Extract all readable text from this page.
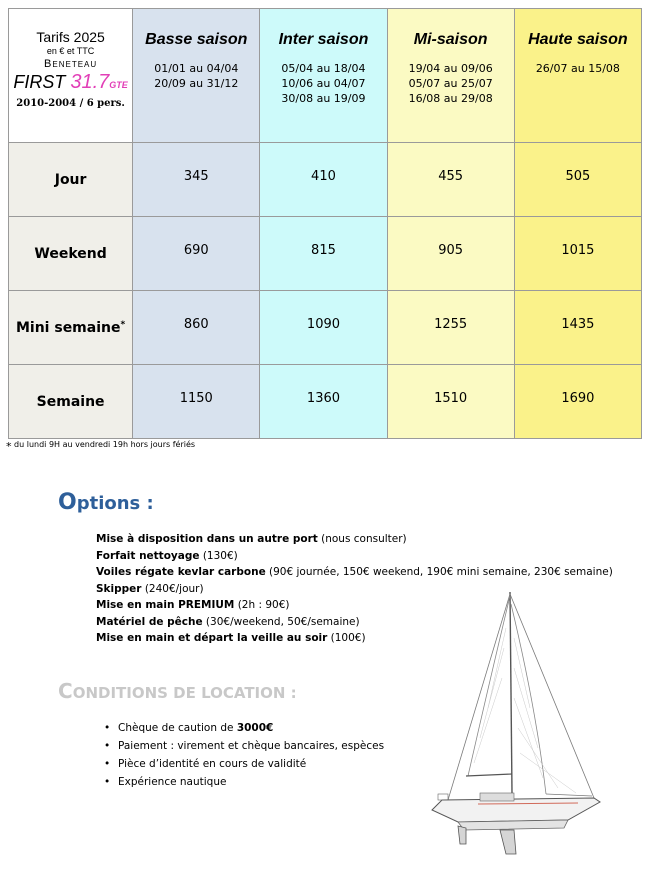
Tarifs 2025
en € et TTC
Beneteau
FIRST 31.7GTE
2010-2004 / 6 pers.	Basse saison
01/01 au 04/04
20/09 au 31/12	Inter saison
05/04 au 18/04
10/06 au 04/07
30/08 au 19/09	Mi-saison
19/04 au 09/06
05/07 au 25/07
16/08 au 29/08	Haute saison
26/07 au 15/08

Jour	$^{345}$	$^{410}$	$^{455}$	$^{505}$
Weekend	$^{690}$	$^{815}$	$^{905}$	$^{1015}$
Mini semaine*	$^{860}$	$^{1090}$	$^{1255}$	$^{1435}$
Semaine	$^{1150}$	$^{1360}$	$^{1510}$	$^{1690}$
* du lundi 9H au vendredi 19h hors jours fériés
Options :
Mise à disposition dans un autre port (nous consulter)
Forfait nettoyage (130€)
Voiles régate kevlar carbone (90€ journée, 150€ weekend, 190€ mini semaine, 230€ semaine)
Skipper (240€/jour)
Mise en main PREMIUM (2h : 90€)
Matériel de pêche (30€/weekend, 50€/semaine)
Mise en main et départ la veille au soir (100€)
CONDITIONS DE LOCATION :
• Chèque de caution de 3000€
• Paiement : virement et chèque bancaires, espèces
• Pièce d’identité en cours de validité
• Expérience nautique
